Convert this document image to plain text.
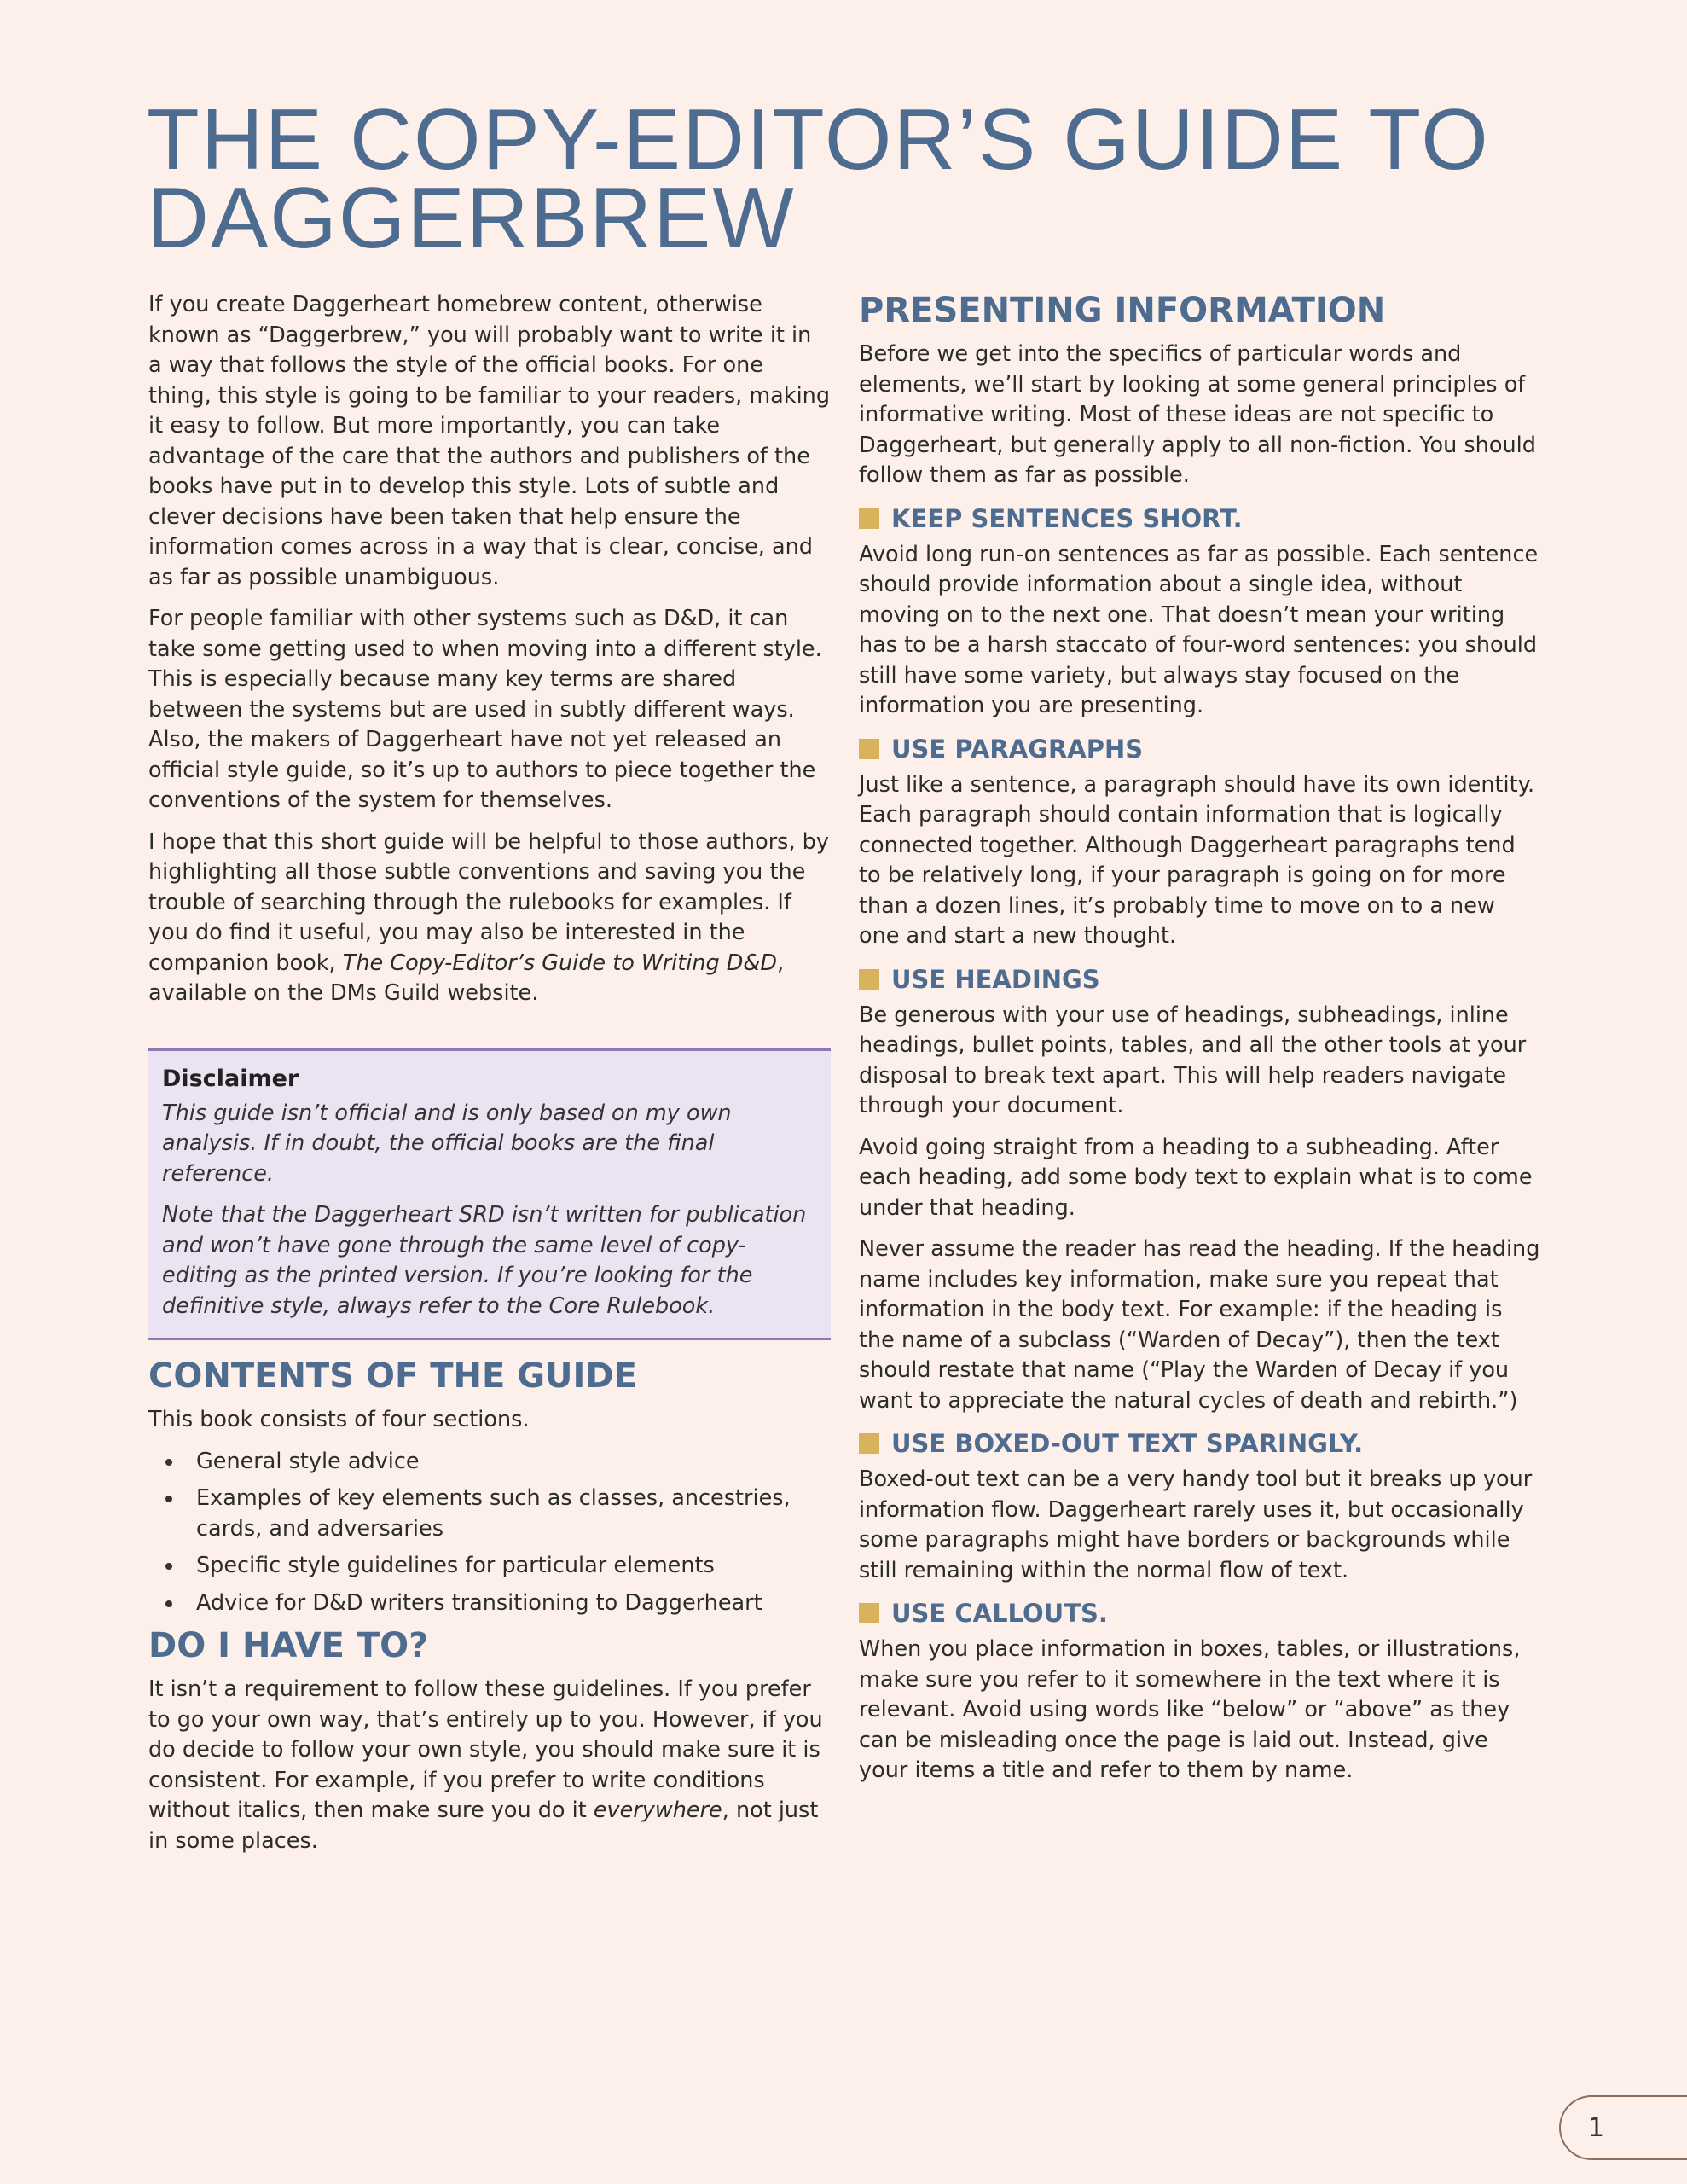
THE COPY-EDITOR’S GUIDE TO DAGGERBREW

If you create Daggerheart homebrew content, otherwise known as “Daggerbrew,” you will probably want to write it in a way that follows the style of the official books. For one thing, this style is going to be familiar to your readers, making it easy to follow. But more importantly, you can take advantage of the care that the authors and publishers of the books have put in to develop this style. Lots of subtle and clever decisions have been taken that help ensure the information comes across in a way that is clear, concise, and as far as possible unambiguous.

For people familiar with other systems such as D&D, it can take some getting used to when moving into a different style. This is especially because many key terms are shared between the systems but are used in subtly different ways. Also, the makers of Daggerheart have not yet released an official style guide, so it’s up to authors to piece together the conventions of the system for themselves.

I hope that this short guide will be helpful to those authors, by highlighting all those subtle conventions and saving you the trouble of searching through the rulebooks for examples. If you do find it useful, you may also be interested in the companion book, The Copy-Editor’s Guide to Writing D&D, available on the DMs Guild website.

Disclaimer

This guide isn’t official and is only based on my own analysis. If in doubt, the official books are the final reference.

Note that the Daggerheart SRD isn’t written for publication and won’t have gone through the same level of copy-editing as the printed version. If you’re looking for the definitive style, always refer to the Core Rulebook.

CONTENTS OF THE GUIDE

This book consists of four sections.

General style advice
Examples of key elements such as classes, ancestries, cards, and adversaries
Specific style guidelines for particular elements
Advice for D&D writers transitioning to Daggerheart
DO I HAVE TO?

It isn’t a requirement to follow these guidelines. If you prefer to go your own way, that’s entirely up to you. However, if you do decide to follow your own style, you should make sure it is consistent. For example, if you prefer to write conditions without italics, then make sure you do it everywhere, not just in some places.

PRESENTING INFORMATION

Before we get into the specifics of particular words and elements, we’ll start by looking at some general principles of informative writing. Most of these ideas are not specific to Daggerheart, but generally apply to all non-fiction. You should follow them as far as possible.

KEEP SENTENCES SHORT.

Avoid long run-on sentences as far as possible. Each sentence should provide information about a single idea, without moving on to the next one. That doesn’t mean your writing has to be a harsh staccato of four-word sentences: you should still have some variety, but always stay focused on the information you are presenting.

USE PARAGRAPHS

Just like a sentence, a paragraph should have its own identity. Each paragraph should contain information that is logically connected together. Although Daggerheart paragraphs tend to be relatively long, if your paragraph is going on for more than a dozen lines, it’s probably time to move on to a new one and start a new thought.

USE HEADINGS

Be generous with your use of headings, subheadings, inline headings, bullet points, tables, and all the other tools at your disposal to break text apart. This will help readers navigate through your document.

Avoid going straight from a heading to a subheading. After each heading, add some body text to explain what is to come under that heading.

Never assume the reader has read the heading. If the heading name includes key information, make sure you repeat that information in the body text. For example: if the heading is the name of a subclass (“Warden of Decay”), then the text should restate that name (“Play the Warden of Decay if you want to appreciate the natural cycles of death and rebirth.”)

USE BOXED-OUT TEXT SPARINGLY.

Boxed-out text can be a very handy tool but it breaks up your information flow. Daggerheart rarely uses it, but occasionally some paragraphs might have borders or backgrounds while still remaining within the normal flow of text.

USE CALLOUTS.

When you place information in boxes, tables, or illustrations, make sure you refer to it somewhere in the text where it is relevant. Avoid using words like “below” or “above” as they can be misleading once the page is laid out. Instead, give your items a title and refer to them by name.

1
